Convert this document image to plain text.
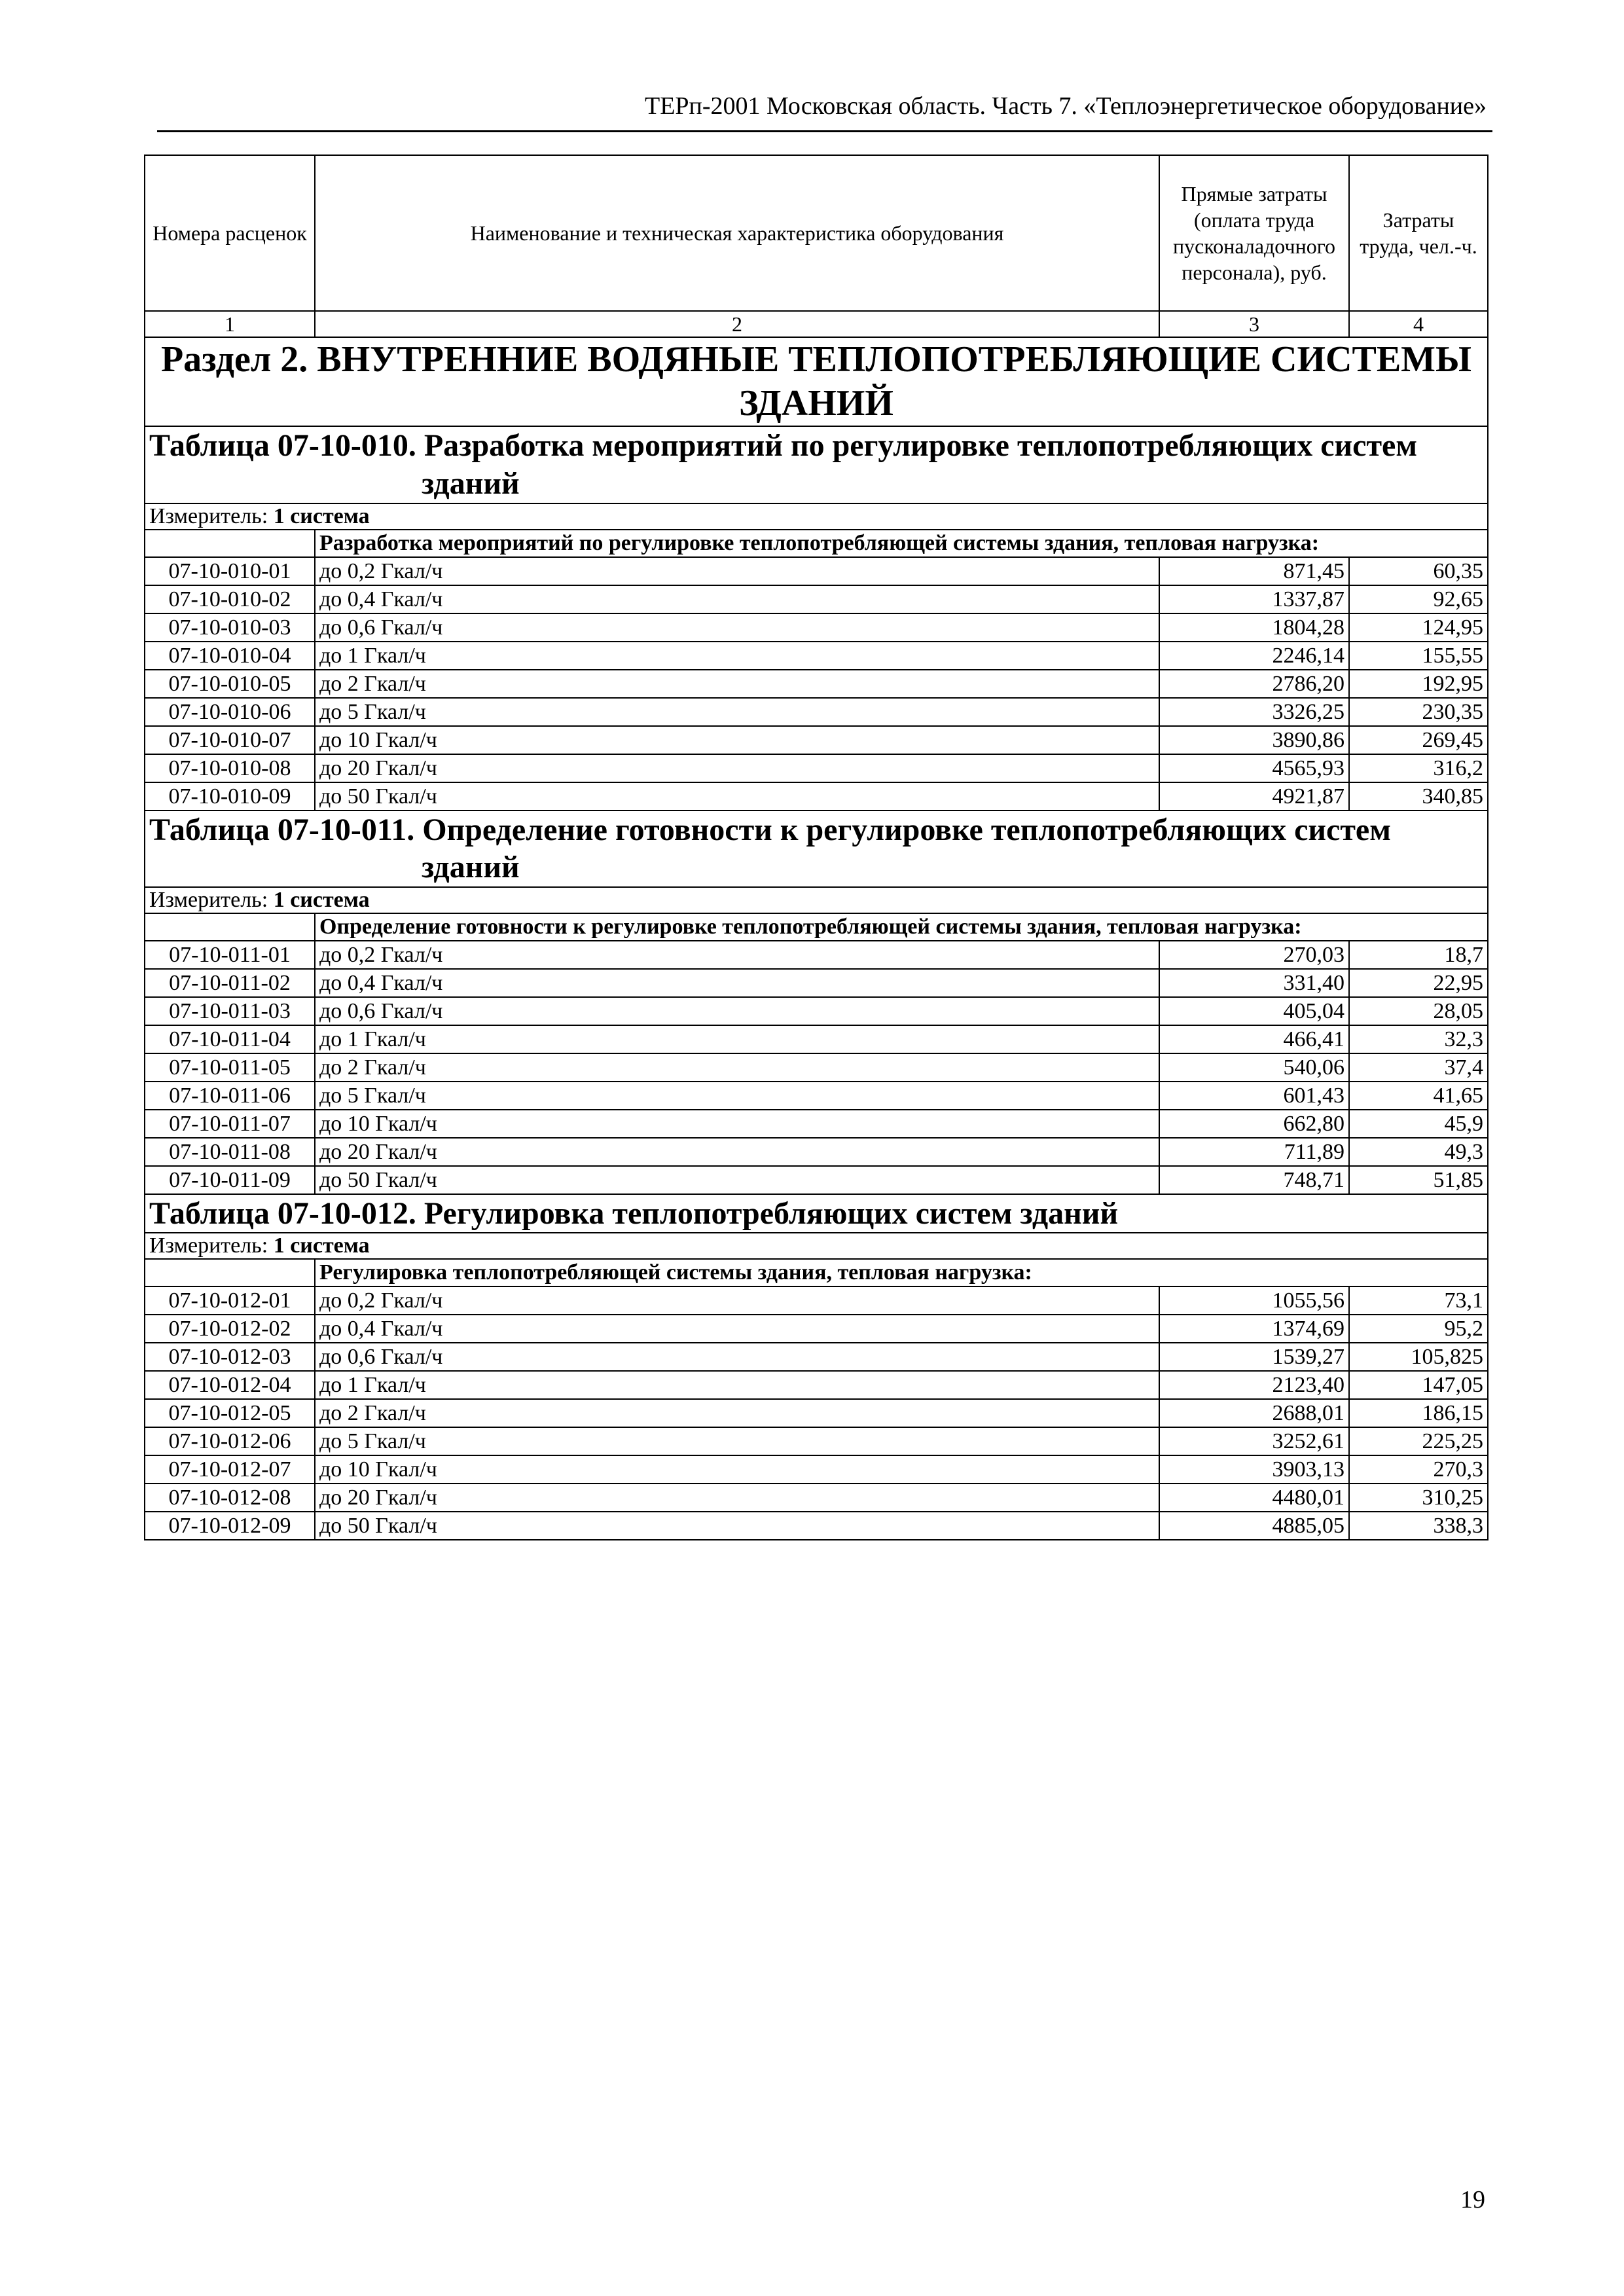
ТЕРп-2001 Московская область. Часть 7. «Теплоэнергетическое оборудование»
Номера расценок	Наименование и техническая характеристика оборудования	Прямые затраты (оплата труда пусконаладочного персонала), руб.	Затраты труда, чел.-ч.
1	2	3	4

Раздел 2. ВНУТРЕННИЕ ВОДЯНЫЕ ТЕПЛОПОТРЕБЛЯЮЩИЕ СИСТЕМЫ ЗДАНИЙ			

Таблица 07-10-010. Разработка мероприятий по регулировке теплопотребляющих систем зданий			

Измеритель: 1 система			
	Разработка мероприятий по регулировке теплопотребляющей системы здания, тепловая нагрузка:		
07-10-010-01	до 0,2 Гкал/ч	871,45	60,35
07-10-010-02	до 0,4 Гкал/ч	1337,87	92,65
07-10-010-03	до 0,6 Гкал/ч	1804,28	124,95
07-10-010-04	до 1 Гкал/ч	2246,14	155,55
07-10-010-05	до 2 Гкал/ч	2786,20	192,95
07-10-010-06	до 5 Гкал/ч	3326,25	230,35
07-10-010-07	до 10 Гкал/ч	3890,86	269,45
07-10-010-08	до 20 Гкал/ч	4565,93	316,2
07-10-010-09	до 50 Гкал/ч	4921,87	340,85

Таблица 07-10-011. Определение готовности к регулировке теплопотребляющих систем зданий			

Измеритель: 1 система			
	Определение готовности к регулировке теплопотребляющей системы здания, тепловая нагрузка:		
07-10-011-01	до 0,2 Гкал/ч	270,03	18,7
07-10-011-02	до 0,4 Гкал/ч	331,40	22,95
07-10-011-03	до 0,6 Гкал/ч	405,04	28,05
07-10-011-04	до 1 Гкал/ч	466,41	32,3
07-10-011-05	до 2 Гкал/ч	540,06	37,4
07-10-011-06	до 5 Гкал/ч	601,43	41,65
07-10-011-07	до 10 Гкал/ч	662,80	45,9
07-10-011-08	до 20 Гкал/ч	711,89	49,3
07-10-011-09	до 50 Гкал/ч	748,71	51,85

Таблица 07-10-012. Регулировка теплопотребляющих систем зданий			

Измеритель: 1 система			
	Регулировка теплопотребляющей системы здания, тепловая нагрузка:		
07-10-012-01	до 0,2 Гкал/ч	1055,56	73,1
07-10-012-02	до 0,4 Гкал/ч	1374,69	95,2
07-10-012-03	до 0,6 Гкал/ч	1539,27	105,825
07-10-012-04	до 1 Гкал/ч	2123,40	147,05
07-10-012-05	до 2 Гкал/ч	2688,01	186,15
07-10-012-06	до 5 Гкал/ч	3252,61	225,25
07-10-012-07	до 10 Гкал/ч	3903,13	270,3
07-10-012-08	до 20 Гкал/ч	4480,01	310,25
07-10-012-09	до 50 Гкал/ч	4885,05	338,3
19
